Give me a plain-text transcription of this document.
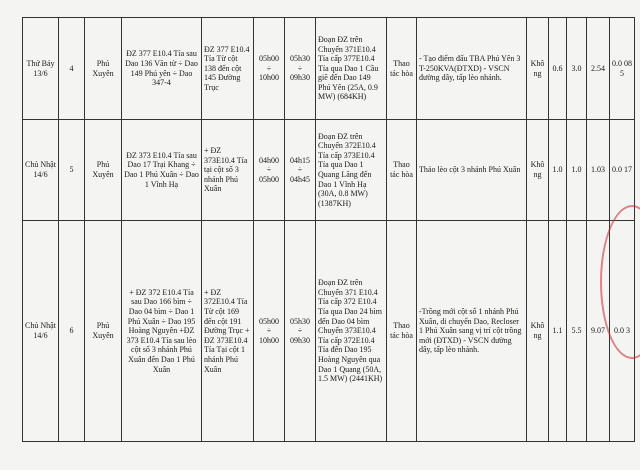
Thứ Bảy 13/6	4	Phú Xuyên	ĐZ 377 E10.4 Tía sau Dao 136 Văn từ ÷ Dao 149 Phú yên ÷ Dao 347-4	ĐZ 377 E10.4 Tía Từ cột 138 đến cột 145 Đường Trục	05h00 ÷ 10h00	05h30 ÷ 09h30	Đoạn ĐZ trên Chuyến 371E10.4 Tía cấp 377E10.4 Tía qua Dao 1 Cầu giẽ đến Dao 149 Phú Yên (25A, 0.9 MW) (684KH)	Thao tác hòa	- Tạo điểm đấu TBA Phú Yên 3 T-250KVA(ĐTXD) - VSCN đường dây, tấp lèo nhánh.	Không	0.6	3.0	2.54	0.0 08 5
Chủ Nhật 14/6	5	Phú Xuyên	ĐZ 373 E10.4 Tía sau Dao 17 Trại Khang ÷ Dao 1 Phú Xuân ÷ Dao 1 Vĩnh Hạ	+ ĐZ 373E10.4 Tía tại cột số 3 nhánh Phú Xuân	04h00 ÷ 05h00	04h15 ÷ 04h45	Đoạn ĐZ trên Chuyến 372E10.4 Tía cấp 373E10.4 Tía qua Dao 1 Quang Lãng đến Dao 1 Vĩnh Hạ (30A, 0.8 MW) (1387KH)	Thao tác hòa	Tháo lèo cột 3 nhánh Phú Xuân	Không	1.0	1.0	1.03	0.0 17
Chủ Nhật 14/6	6	Phú Xuyên	+ ĐZ 372 E10.4 Tía sau Dao 166 bìm ÷ Dao 04 bìm ÷ Dao 1 Phú Xuân ÷ Dao 195 Hoàng Nguyên +ĐZ 373 E10.4 Tía sau lèo cột số 3 nhánh Phú Xuân đến Dao 1 Phú Xuân	+ ĐZ 372E10.4 Tía Từ cột 169 đến cột 191 Đường Trục + ĐZ 373E10.4 Tía Tại cột 1 nhánh Phú Xuân	05h00 ÷ 10h00	05h30 ÷ 09h30	Đoạn ĐZ trên Chuyến 371 E10.4 Tía cấp 372 E10.4 Tía qua Dao 24 bìm đến Dao 04 bìm Chuyến 373E10.4 Tía cấp 372E10.4 Tía đến Dao 195 Hoàng Nguyên qua Dao 1 Quang (50A, 1.5 MW) (2441KH)	Thao tác hòa	-Trồng mới cột số 1 nhánh Phú Xuân, di chuyển Dao, Recloser 1 Phú Xuân sang vị trí cột trồng mới (ĐTXD) - VSCN đường dây, tấp lèo nhánh.	Không	1.1	5.5	9.07	0.0 3
